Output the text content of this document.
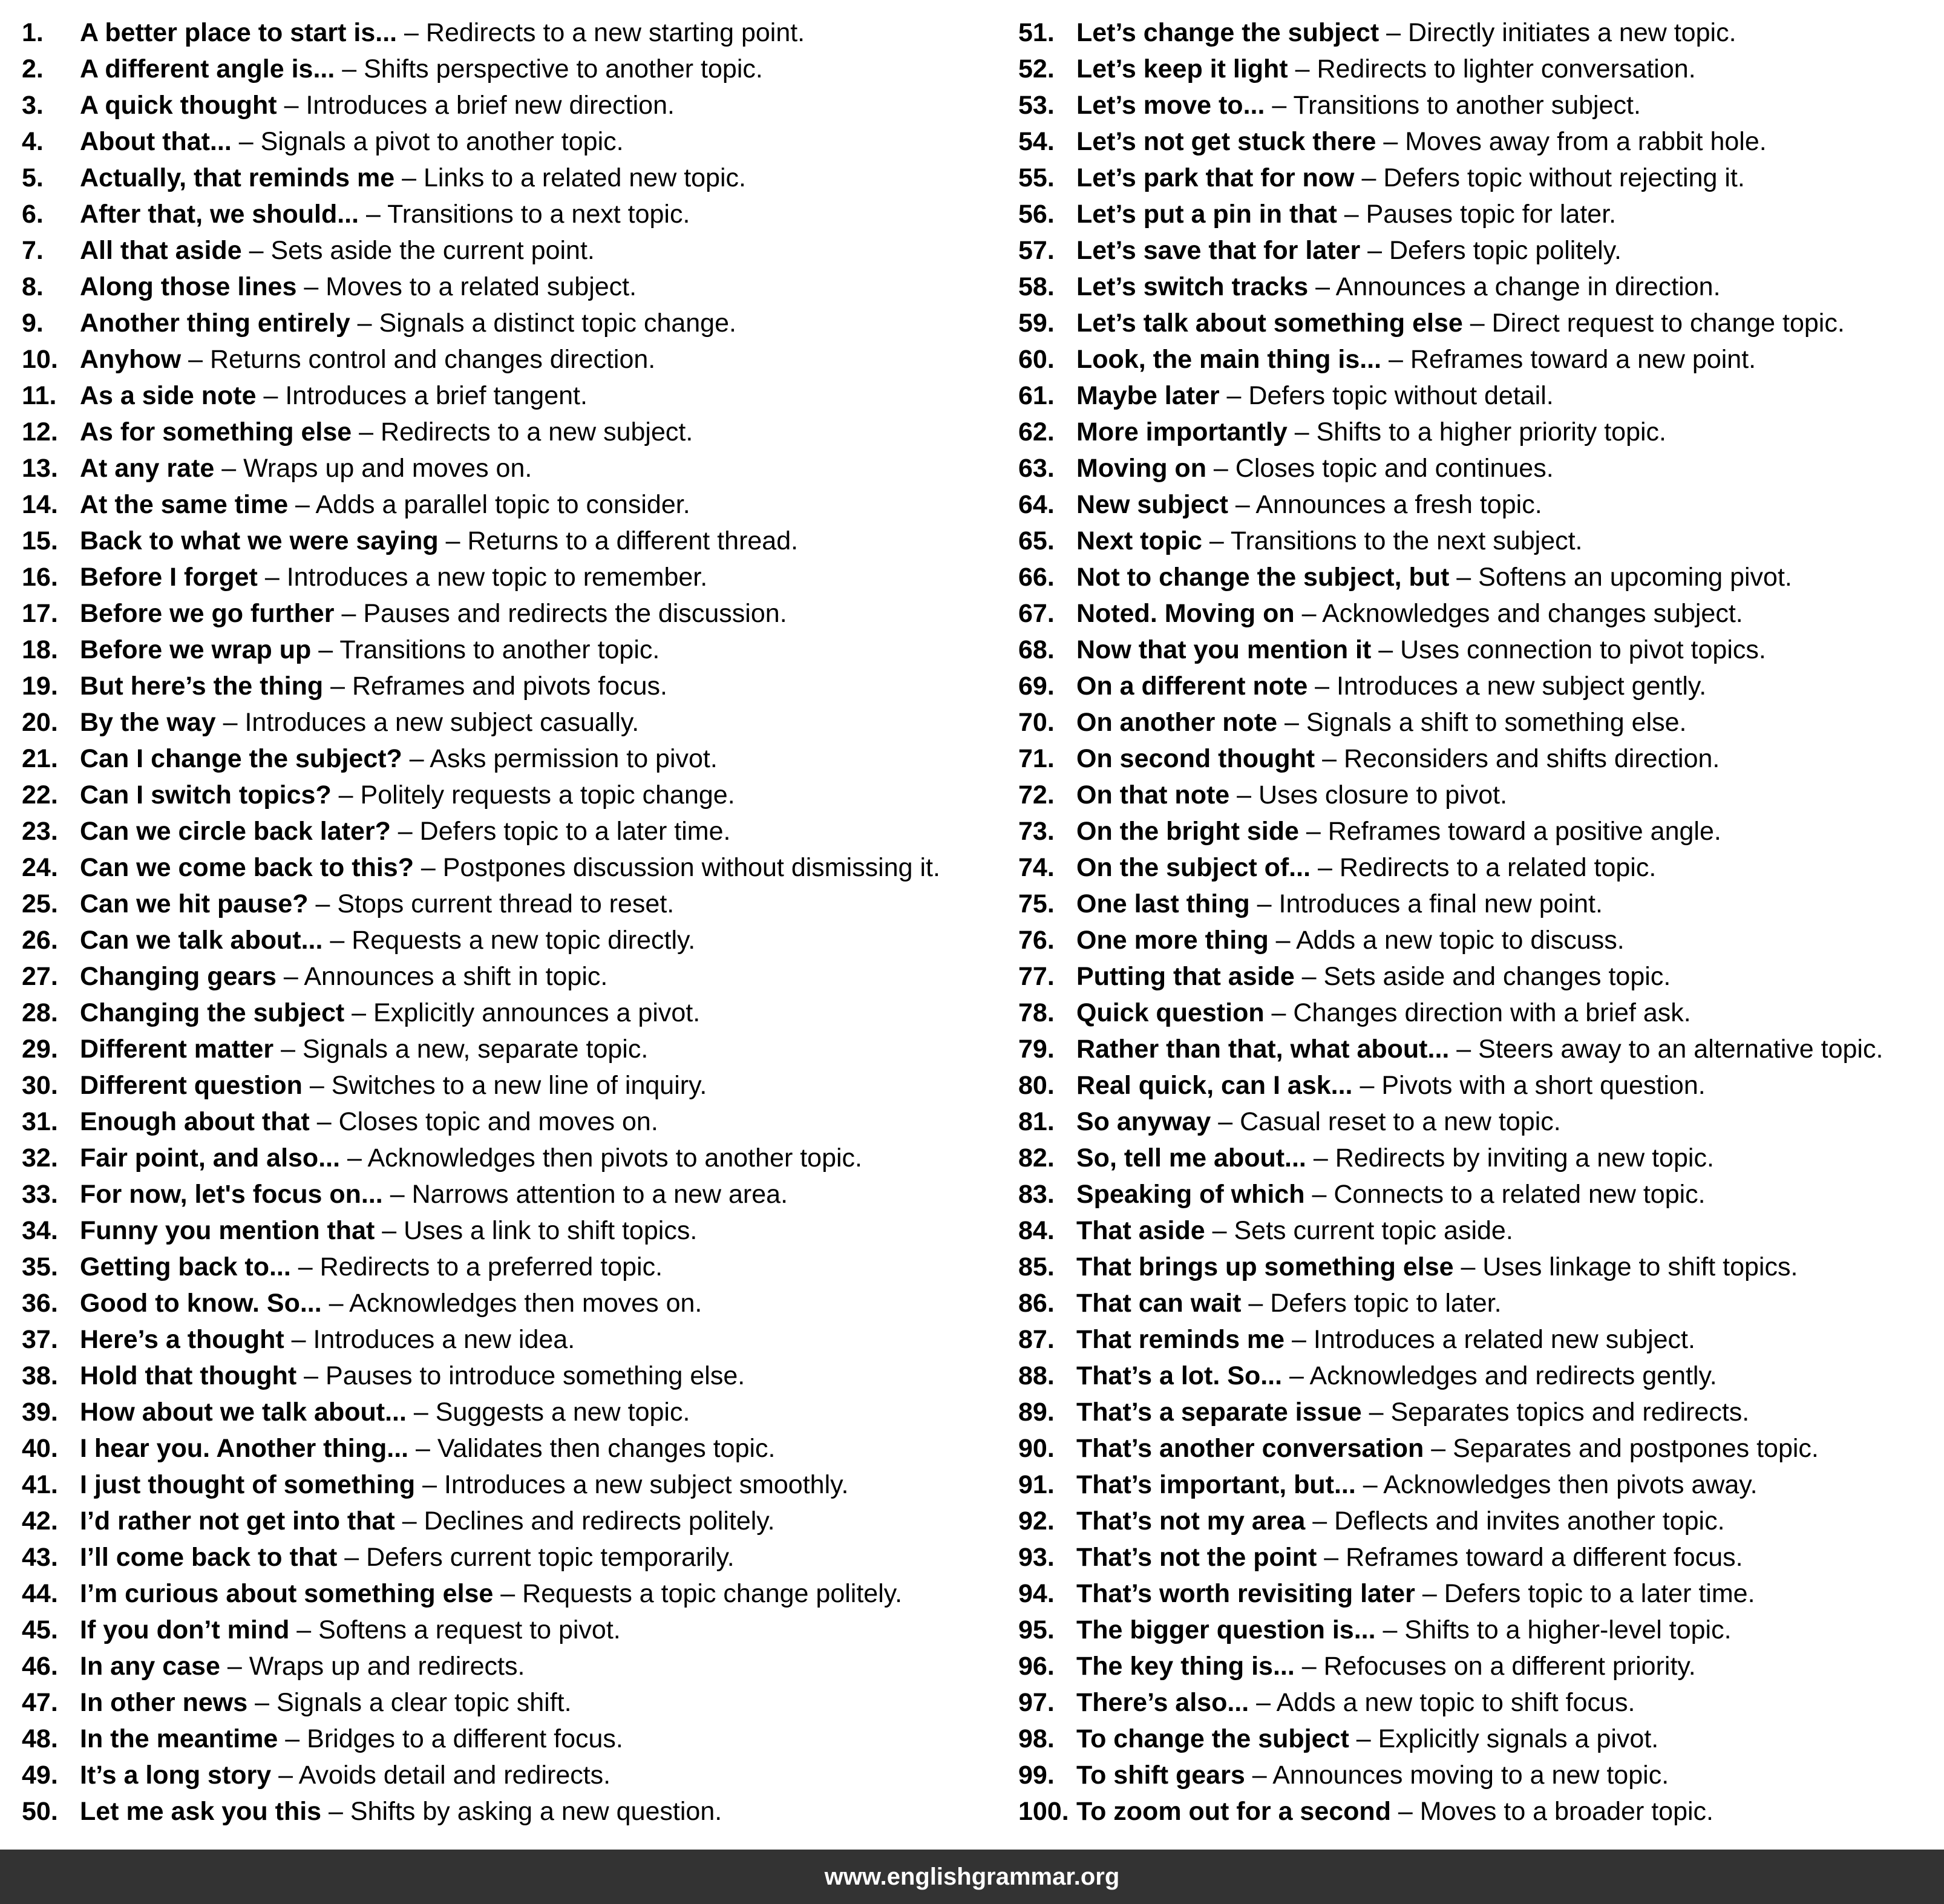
1. A better place to start is... – Redirects to a new starting point.
2. A different angle is... – Shifts perspective to another topic.
3. A quick thought – Introduces a brief new direction.
4. About that... – Signals a pivot to another topic.
5. Actually, that reminds me – Links to a related new topic.
6. After that, we should... – Transitions to a next topic.
7. All that aside – Sets aside the current point.
8. Along those lines – Moves to a related subject.
9. Another thing entirely – Signals a distinct topic change.
10. Anyhow – Returns control and changes direction.
11. As a side note – Introduces a brief tangent.
12. As for something else – Redirects to a new subject.
13. At any rate – Wraps up and moves on.
14. At the same time – Adds a parallel topic to consider.
15. Back to what we were saying – Returns to a different thread.
16. Before I forget – Introduces a new topic to remember.
17. Before we go further – Pauses and redirects the discussion.
18. Before we wrap up – Transitions to another topic.
19. But here’s the thing – Reframes and pivots focus.
20. By the way – Introduces a new subject casually.
21. Can I change the subject? – Asks permission to pivot.
22. Can I switch topics? – Politely requests a topic change.
23. Can we circle back later? – Defers topic to a later time.
24. Can we come back to this? – Postpones discussion without dismissing it.
25. Can we hit pause? – Stops current thread to reset.
26. Can we talk about... – Requests a new topic directly.
27. Changing gears – Announces a shift in topic.
28. Changing the subject – Explicitly announces a pivot.
29. Different matter – Signals a new, separate topic.
30. Different question – Switches to a new line of inquiry.
31. Enough about that – Closes topic and moves on.
32. Fair point, and also... – Acknowledges then pivots to another topic.
33. For now, let's focus on... – Narrows attention to a new area.
34. Funny you mention that – Uses a link to shift topics.
35. Getting back to... – Redirects to a preferred topic.
36. Good to know. So... – Acknowledges then moves on.
37. Here’s a thought – Introduces a new idea.
38. Hold that thought – Pauses to introduce something else.
39. How about we talk about... – Suggests a new topic.
40. I hear you. Another thing... – Validates then changes topic.
41. I just thought of something – Introduces a new subject smoothly.
42. I’d rather not get into that – Declines and redirects politely.
43. I’ll come back to that – Defers current topic temporarily.
44. I’m curious about something else – Requests a topic change politely.
45. If you don’t mind – Softens a request to pivot.
46. In any case – Wraps up and redirects.
47. In other news – Signals a clear topic shift.
48. In the meantime – Bridges to a different focus.
49. It’s a long story – Avoids detail and redirects.
50. Let me ask you this – Shifts by asking a new question.
51. Let’s change the subject – Directly initiates a new topic.
52. Let’s keep it light – Redirects to lighter conversation.
53. Let’s move to... – Transitions to another subject.
54. Let’s not get stuck there – Moves away from a rabbit hole.
55. Let’s park that for now – Defers topic without rejecting it.
56. Let’s put a pin in that – Pauses topic for later.
57. Let’s save that for later – Defers topic politely.
58. Let’s switch tracks – Announces a change in direction.
59. Let’s talk about something else – Direct request to change topic.
60. Look, the main thing is... – Reframes toward a new point.
61. Maybe later – Defers topic without detail.
62. More importantly – Shifts to a higher priority topic.
63. Moving on – Closes topic and continues.
64. New subject – Announces a fresh topic.
65. Next topic – Transitions to the next subject.
66. Not to change the subject, but – Softens an upcoming pivot.
67. Noted. Moving on – Acknowledges and changes subject.
68. Now that you mention it – Uses connection to pivot topics.
69. On a different note – Introduces a new subject gently.
70. On another note – Signals a shift to something else.
71. On second thought – Reconsiders and shifts direction.
72. On that note – Uses closure to pivot.
73. On the bright side – Reframes toward a positive angle.
74. On the subject of... – Redirects to a related topic.
75. One last thing – Introduces a final new point.
76. One more thing – Adds a new topic to discuss.
77. Putting that aside – Sets aside and changes topic.
78. Quick question – Changes direction with a brief ask.
79. Rather than that, what about... – Steers away to an alternative topic.
80. Real quick, can I ask... – Pivots with a short question.
81. So anyway – Casual reset to a new topic.
82. So, tell me about... – Redirects by inviting a new topic.
83. Speaking of which – Connects to a related new topic.
84. That aside – Sets current topic aside.
85. That brings up something else – Uses linkage to shift topics.
86. That can wait – Defers topic to later.
87. That reminds me – Introduces a related new subject.
88. That’s a lot. So... – Acknowledges and redirects gently.
89. That’s a separate issue – Separates topics and redirects.
90. That’s another conversation – Separates and postpones topic.
91. That’s important, but... – Acknowledges then pivots away.
92. That’s not my area – Deflects and invites another topic.
93. That’s not the point – Reframes toward a different focus.
94. That’s worth revisiting later – Defers topic to a later time.
95. The bigger question is... – Shifts to a higher-level topic.
96. The key thing is... – Refocuses on a different priority.
97. There’s also... – Adds a new topic to shift focus.
98. To change the subject – Explicitly signals a pivot.
99. To shift gears – Announces moving to a new topic.
100. To zoom out for a second – Moves to a broader topic.
www.englishgrammar.org
